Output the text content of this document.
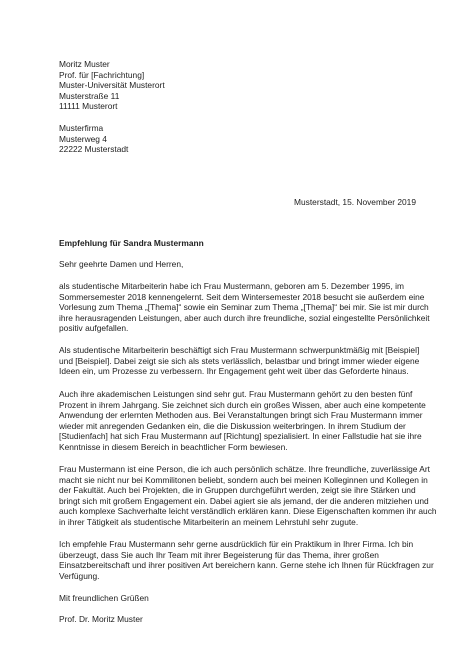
Moritz Muster
Prof. für [Fachrichtung]
Muster-Universität Musterort
Musterstraße 11
11111 Musterort
Musterfirma
Musterweg 4
22222 Musterstadt
Musterstadt, 15. November 2019
Empfehlung für Sandra Mustermann
Sehr geehrte Damen und Herren,
als studentische Mitarbeiterin habe ich Frau Mustermann, geboren am 5. Dezember 1995, im
Sommersemester 2018 kennengelernt. Seit dem Wintersemester 2018 besucht sie außerdem eine
Vorlesung zum Thema „[Thema]“ sowie ein Seminar zum Thema „[Thema]“ bei mir. Sie ist mir durch
ihre herausragenden Leistungen, aber auch durch ihre freundliche, sozial eingestellte Persönlichkeit
positiv aufgefallen.
Als studentische Mitarbeiterin beschäftigt sich Frau Mustermann schwerpunktmäßig mit [Beispiel]
und [Beispiel]. Dabei zeigt sie sich als stets verlässlich, belastbar und bringt immer wieder eigene
Ideen ein, um Prozesse zu verbessern. Ihr Engagement geht weit über das Geforderte hinaus.
Auch ihre akademischen Leistungen sind sehr gut. Frau Mustermann gehört zu den besten fünf
Prozent in ihrem Jahrgang. Sie zeichnet sich durch ein großes Wissen, aber auch eine kompetente
Anwendung der erlernten Methoden aus. Bei Veranstaltungen bringt sich Frau Mustermann immer
wieder mit anregenden Gedanken ein, die die Diskussion weiterbringen. In ihrem Studium der
[Studienfach] hat sich Frau Mustermann auf [Richtung] spezialisiert. In einer Fallstudie hat sie ihre
Kenntnisse in diesem Bereich in beachtlicher Form bewiesen.
Frau Mustermann ist eine Person, die ich auch persönlich schätze. Ihre freundliche, zuverlässige Art
macht sie nicht nur bei Kommilitonen beliebt, sondern auch bei meinen Kolleginnen und Kollegen in
der Fakultät. Auch bei Projekten, die in Gruppen durchgeführt werden, zeigt sie ihre Stärken und
bringt sich mit großem Engagement ein. Dabei agiert sie als jemand, der die anderen mitziehen und
auch komplexe Sachverhalte leicht verständlich erklären kann. Diese Eigenschaften kommen ihr auch
in ihrer Tätigkeit als studentische Mitarbeiterin an meinem Lehrstuhl sehr zugute.
Ich empfehle Frau Mustermann sehr gerne ausdrücklich für ein Praktikum in Ihrer Firma. Ich bin
überzeugt, dass Sie auch Ihr Team mit ihrer Begeisterung für das Thema, ihrer großen
Einsatzbereitschaft und ihrer positiven Art bereichern kann. Gerne stehe ich Ihnen für Rückfragen zur
Verfügung.
Mit freundlichen Grüßen
Prof. Dr. Moritz Muster
